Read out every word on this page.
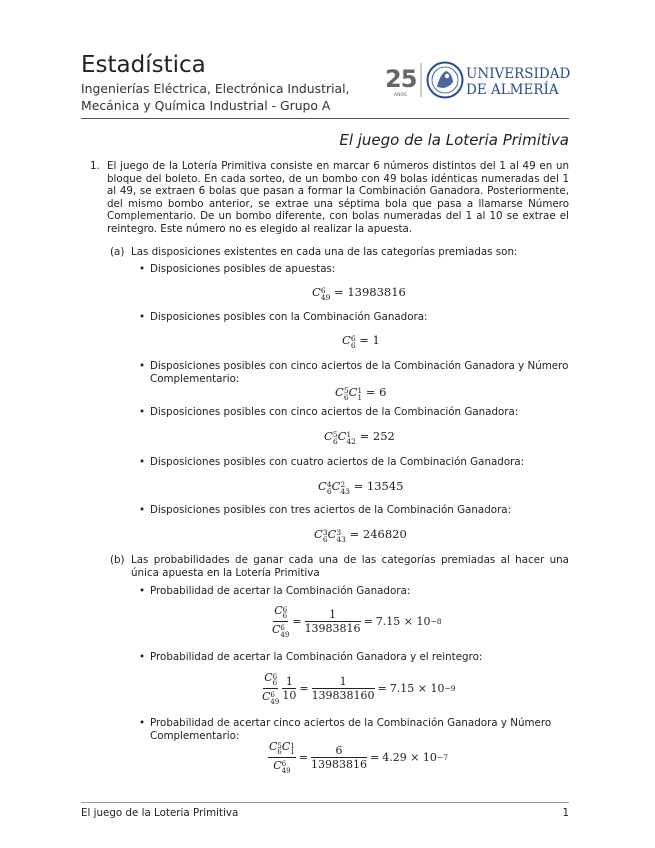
Estadística
Ingenierías Eléctrica, Electrónica Industrial,
Mecánica y Química Industrial - Grupo A
25
AÑOS
UNIVERSIDAD
DE ALMERÍA
El juego de la Loteria Primitiva
1. El juego de la Lotería Primitiva consiste en marcar 6 números distintos del 1 al 49 en un bloque del boleto. En cada sorteo, de un bombo con 49 bolas idénticas numeradas del 1 al 49, se extraen 6 bolas que pasan a formar la Combinación Ganadora. Posteriormente, del mismo bombo anterior, se extrae una séptima bola que pasa a llamarse Número Complementario. De un bombo diferente, con bolas numeradas del 1 al 10 se extrae el reintegro. Este número no es elegido al realizar la apuesta.
(a) Las disposiciones existentes en cada una de las categorías premiadas son:
• Disposiciones posibles de apuestas:
C 6
49 = 13983816
• Disposiciones posibles con la Combinación Ganadora:
C 6
6 = 1
• Disposiciones posibles con cinco aciertos de la Combinación Ganadora y Número
Complementario:
C 5
6 C 1
1 = 6
• Disposiciones posibles con cinco aciertos de la Combinación Ganadora:
C 5
6 C 1
42 = 252
• Disposiciones posibles con cuatro aciertos de la Combinación Ganadora:
C 4
6 C 2
43 = 13545
• Disposiciones posibles con tres aciertos de la Combinación Ganadora:
C 3
6 C 3
43 = 246820
(b) Las probabilidades de ganar cada una de las categorías premiadas al hacer una
única apuesta en la Lotería Primitiva
• Probabilidad de acertar la Combinación Ganadora:
C 6
6
C 6
$49 = \frac{1}{13983816} = 7.15 \times 10 -8$
• Probabilidad de acertar la Combinación Ganadora y el reintegro:
C 6
6
C 6
$49 \frac{1}{10} = \frac{1}{139838160} = 7.15 \times 10 -9$
• Probabilidad de acertar cinco aciertos de la Combinación Ganadora y Número
Complementario:
C 5
6 C 1
1
C 6
$49 = \frac{6}{13983816} = 4.29 \times 10 -7$
El juego de la Loteria Primitiva	1
